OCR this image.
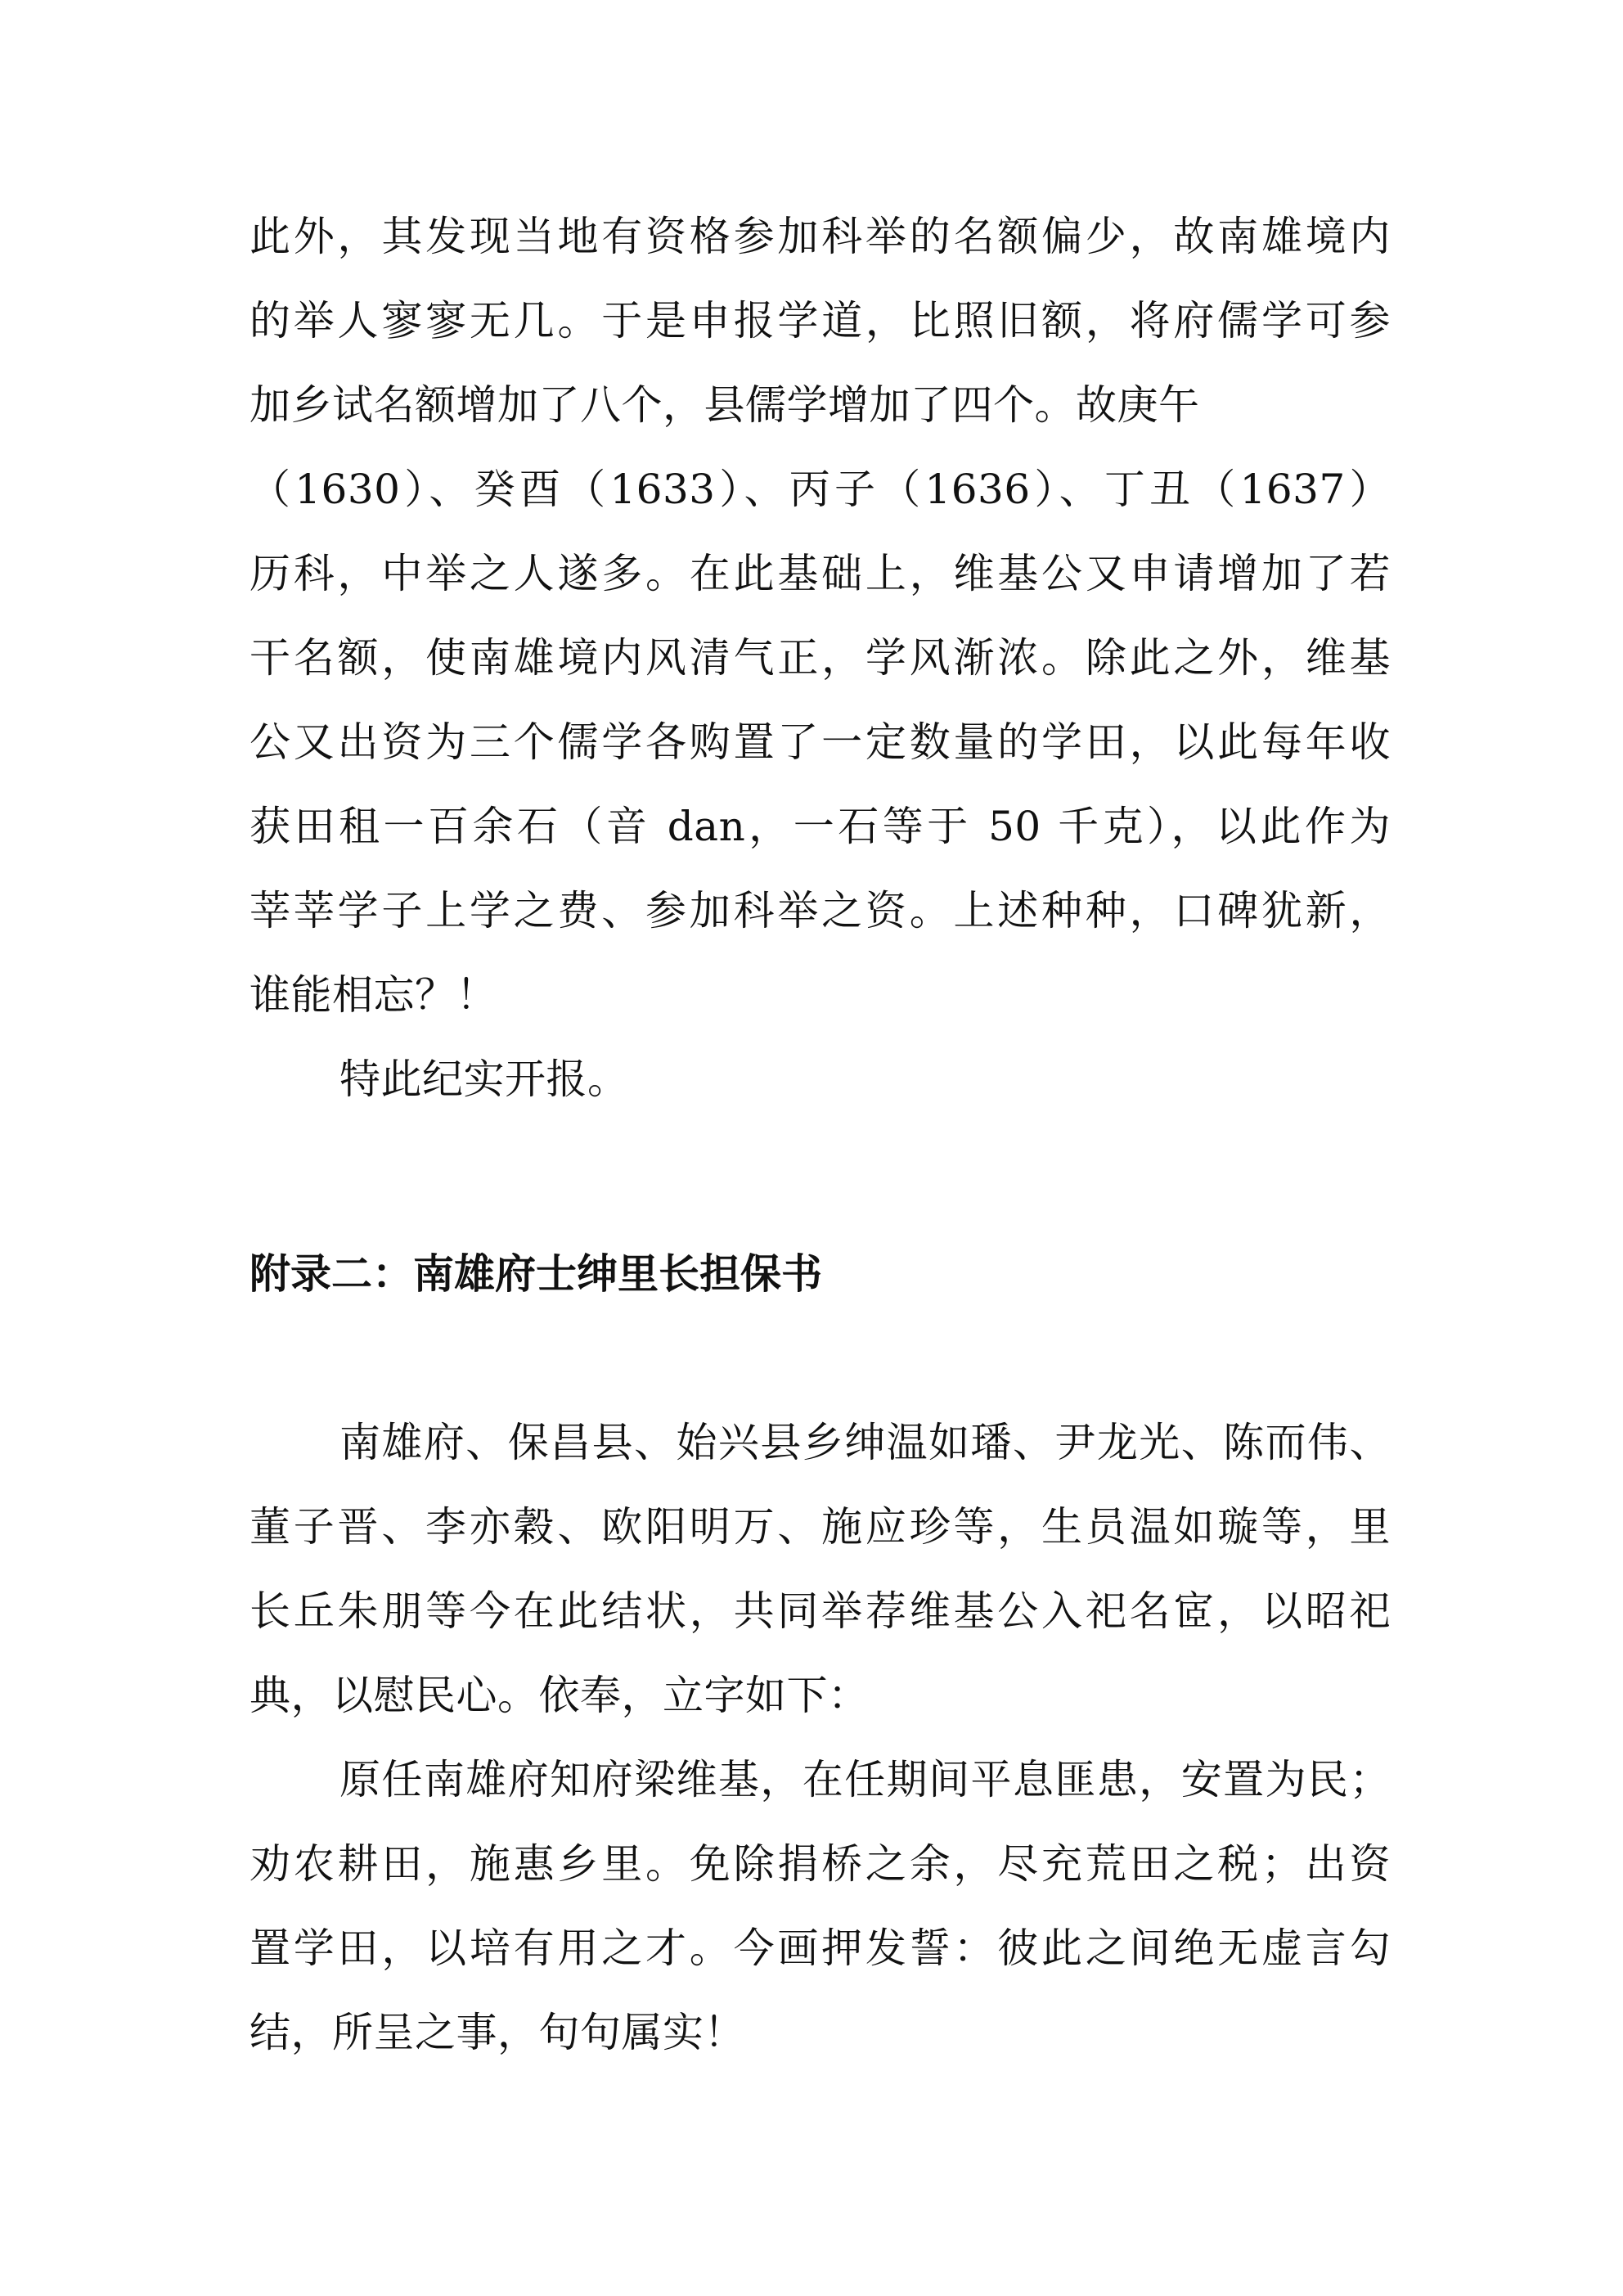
此外，其发现当地有资格参加科举的名额偏少，故南雄境内
的举人寥寥无几。于是申报学道，比照旧额，将府儒学可参
加乡试名额增加了八个，县儒学增加了四个。故庚午
（1630）、癸酉（1633）、丙子（1636）、丁丑（1637）
历科，中举之人遂多。在此基础上，维基公又申请增加了若
干名额，使南雄境内风清气正，学风渐浓。除此之外，维基
公又出资为三个儒学各购置了一定数量的学田，以此每年收
获田租一百余石（音 dan，一石等于 50 千克），以此作为
莘莘学子上学之费、参加科举之资。上述种种，口碑犹新，
谁能相忘？！
特此纪实开报。
附录二：南雄府士绅里长担保书
南雄府、保昌县、始兴县乡绅温如璠、尹龙光、陈而伟、
董子晋、李亦穀、欧阳明万、施应珍等，生员温如璇等，里
长丘朱朋等今在此结状，共同举荐维基公入祀名宧，以昭祀
典，以慰民心。依奉，立字如下：
原任南雄府知府梁维基，在任期间平息匪患，安置为民；
劝农耕田，施惠乡里。免除捐桥之余，尽充荒田之税；出资
置学田，以培有用之才。今画押发誓：彼此之间绝无虚言勾
结，所呈之事，句句属实！
